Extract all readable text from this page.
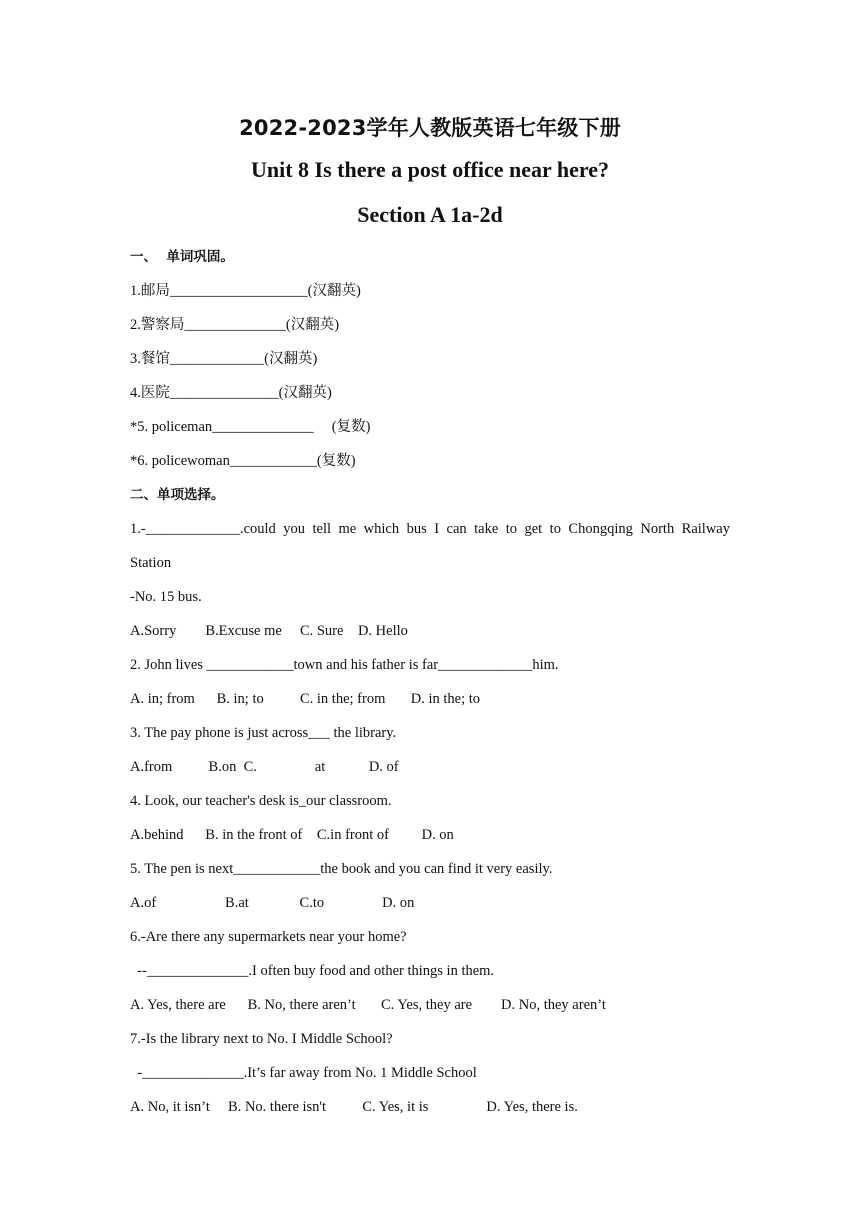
2022-2023学年人教版英语七年级下册
Unit 8 Is there a post office near here?
Section A 1a-2d
一、  单词巩固。
1.邮局___________________(汉翻英)
2.警察局______________(汉翻英)
3.餐馆_____________(汉翻英)
4.医院_______________(汉翻英)
*5. policeman______________     (复数)
*6. policewoman____________(复数)
二、单项选择。
1.-_____________.could you tell me which bus I can take to get to Chongqing North Railway
Station
-No. 15 bus.
A.Sorry        B.Excuse me     C. Sure    D. Hello
2. John lives ____________town and his father is far_____________him.
A. in; from      B. in; to          C. in the; from       D. in the; to
3. The pay phone is just across___ the library.
A.from          B.on  C.                at            D. of
4. Look, our teacher's desk is_our classroom.
A.behind      B. in the front of    C.in front of         D. on
5. The pen is next____________the book and you can find it very easily.
A.of                   B.at              C.to                D. on
6.-Are there any supermarkets near your home?
--______________.I often buy food and other things in them.
A. Yes, there are      B. No, there aren’t       C. Yes, they are        D. No, they aren’t
7.-Is the library next to No. I Middle School?
-______________.It’s far away from No. 1 Middle School
A. No, it isn’t     B. No. there isn't          C. Yes, it is                D. Yes, there is.
